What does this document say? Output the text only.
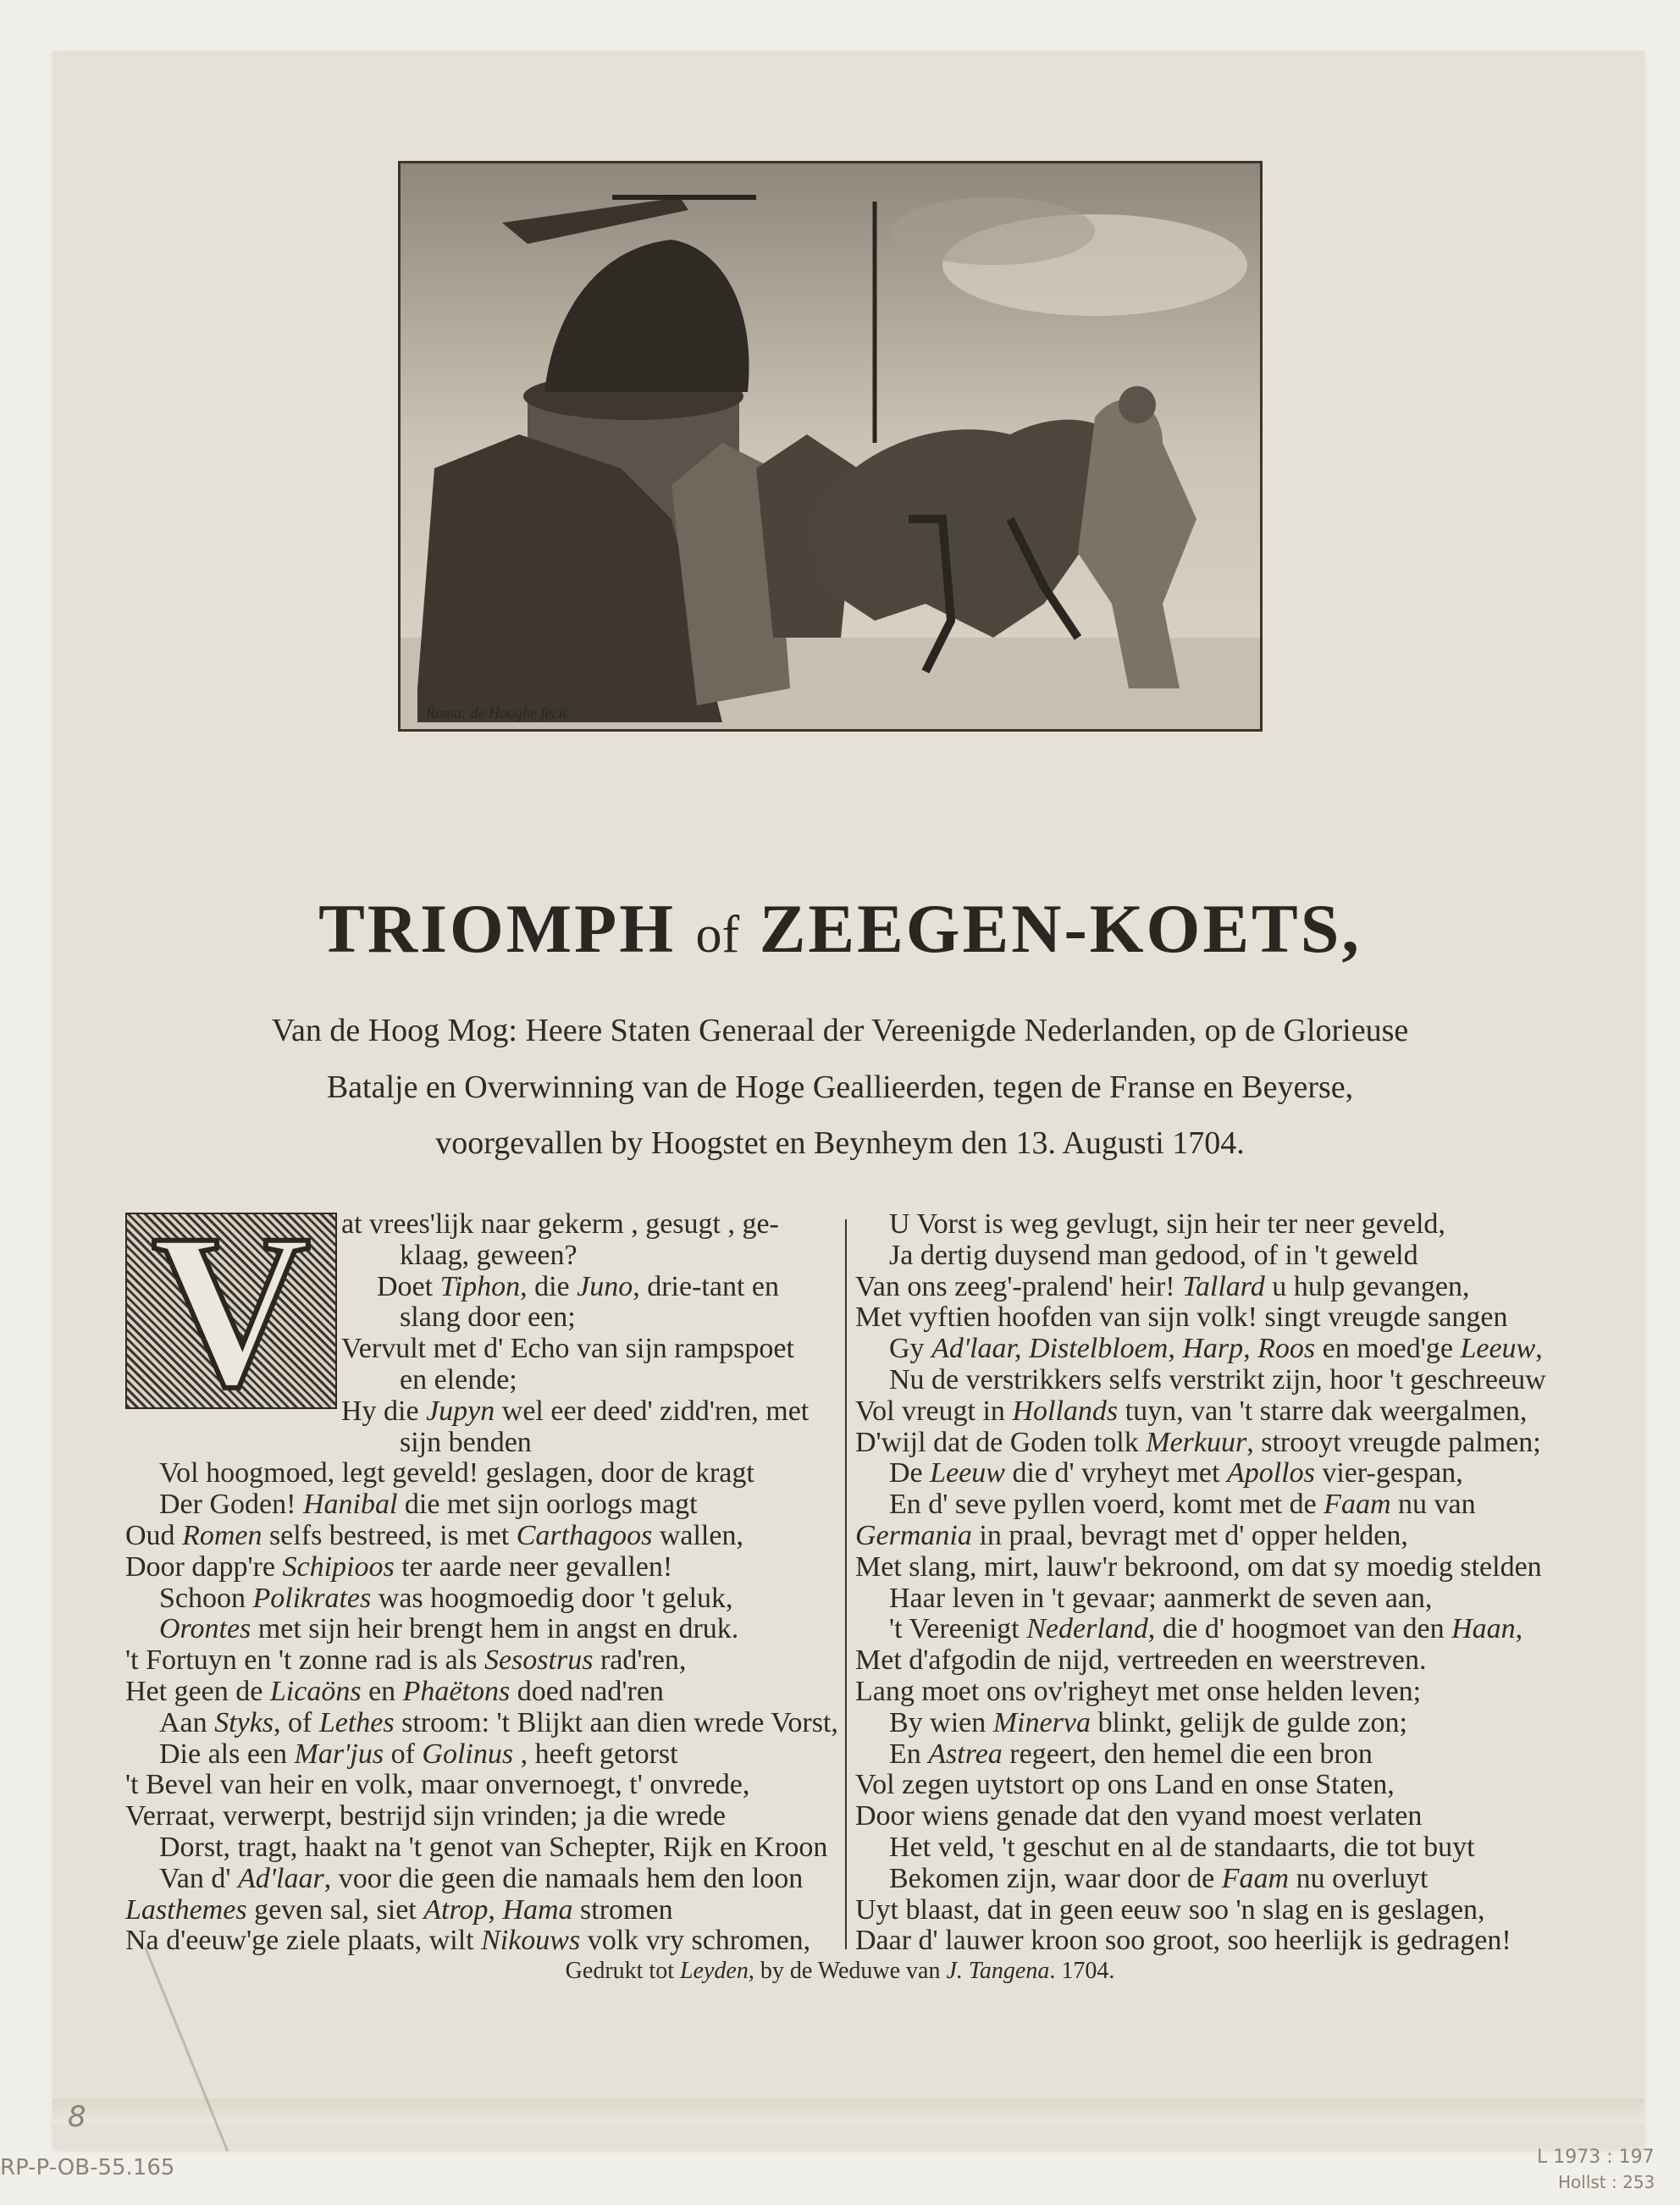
Roma: de Hooghe fecit
TRIOMPH of ZEEGEN-KOETS,
Van de Hoog Mog: Heere Staten Generaal der Vereenigde Nederlanden, op de Glorieuse
Batalje en Overwinning van de Hoge Geallieerden, tegen de Franse en Beyerse,
voorgevallen by Hoogstet en Beynheym den 13. Augusti 1704.
V	at vrees'lijk naar gekerm , gesugt , ge-
klaag, geween?
Doet Tiphon, die Juno, drie-tant en
slang door een;
Vervult met d' Echo van sijn rampspoet
en elende;
Hy die Jupyn wel eer deed' zidd'ren, met
sijn benden
Vol hoogmoed, legt geveld! geslagen, door de kragt
Der Goden! Hanibal die met sijn oorlogs magt
Oud Romen selfs bestreed, is met Carthagoos wallen,
Door dapp're Schipioos ter aarde neer gevallen!
Schoon Polikrates was hoogmoedig door 't geluk,
Orontes met sijn heir brengt hem in angst en druk.
't Fortuyn en 't zonne rad is als Sesostrus rad'ren,
Het geen de Licaöns en Phaëtons doed nad'ren
Aan Styks, of Lethes stroom: 't Blijkt aan dien wrede Vorst,
Die als een Mar'jus of Golinus , heeft getorst
't Bevel van heir en volk, maar onvernoegt, t' onvrede,
Verraat, verwerpt, bestrijd sijn vrinden; ja die wrede
Dorst, tragt, haakt na 't genot van Schepter, Rijk en Kroon
Van d' Ad'laar, voor die geen die namaals hem den loon
Lasthemes geven sal, siet Atrop, Hama stromen
Na d'eeuw'ge ziele plaats, wilt Nikouws volk vry schromen,
U Vorst is weg gevlugt, sijn heir ter neer geveld,
Ja dertig duysend man gedood, of in 't geweld
Van ons zeeg'-pralend' heir! Tallard u hulp gevangen,
Met vyftien hoofden van sijn volk! singt vreugde sangen
Gy Ad'laar, Distelbloem, Harp, Roos en moed'ge Leeuw,
Nu de verstrikkers selfs verstrikt zijn, hoor 't geschreeuw
Vol vreugt in Hollands tuyn, van 't starre dak weergalmen,
D'wijl dat de Goden tolk Merkuur, strooyt vreugde palmen;
De Leeuw die d' vryheyt met Apollos vier-gespan,
En d' seve pyllen voerd, komt met de Faam nu van
Germania in praal, bevragt met d' opper helden,
Met slang, mirt, lauw'r bekroond, om dat sy moedig stelden
Haar leven in 't gevaar; aanmerkt de seven aan,
't Vereenigt Nederland, die d' hoogmoet van den Haan,
Met d'afgodin de nijd, vertreeden en weerstreven.
Lang moet ons ov'righeyt met onse helden leven;
By wien Minerva blinkt, gelijk de gulde zon;
En Astrea regeert, den hemel die een bron
Vol zegen uytstort op ons Land en onse Staten,
Door wiens genade dat den vyand moest verlaten
Het veld, 't geschut en al de standaarts, die tot buyt
Bekomen zijn, waar door de Faam nu overluyt
Uyt blaast, dat in geen eeuw soo 'n slag en is geslagen,
Daar d' lauwer kroon soo groot, soo heerlijk is gedragen!
Gedrukt tot Leyden, by de Weduwe van J. Tangena. 1704.
RP-P-OB-55.165	L 1973 : 197
Hollst : 253
8
